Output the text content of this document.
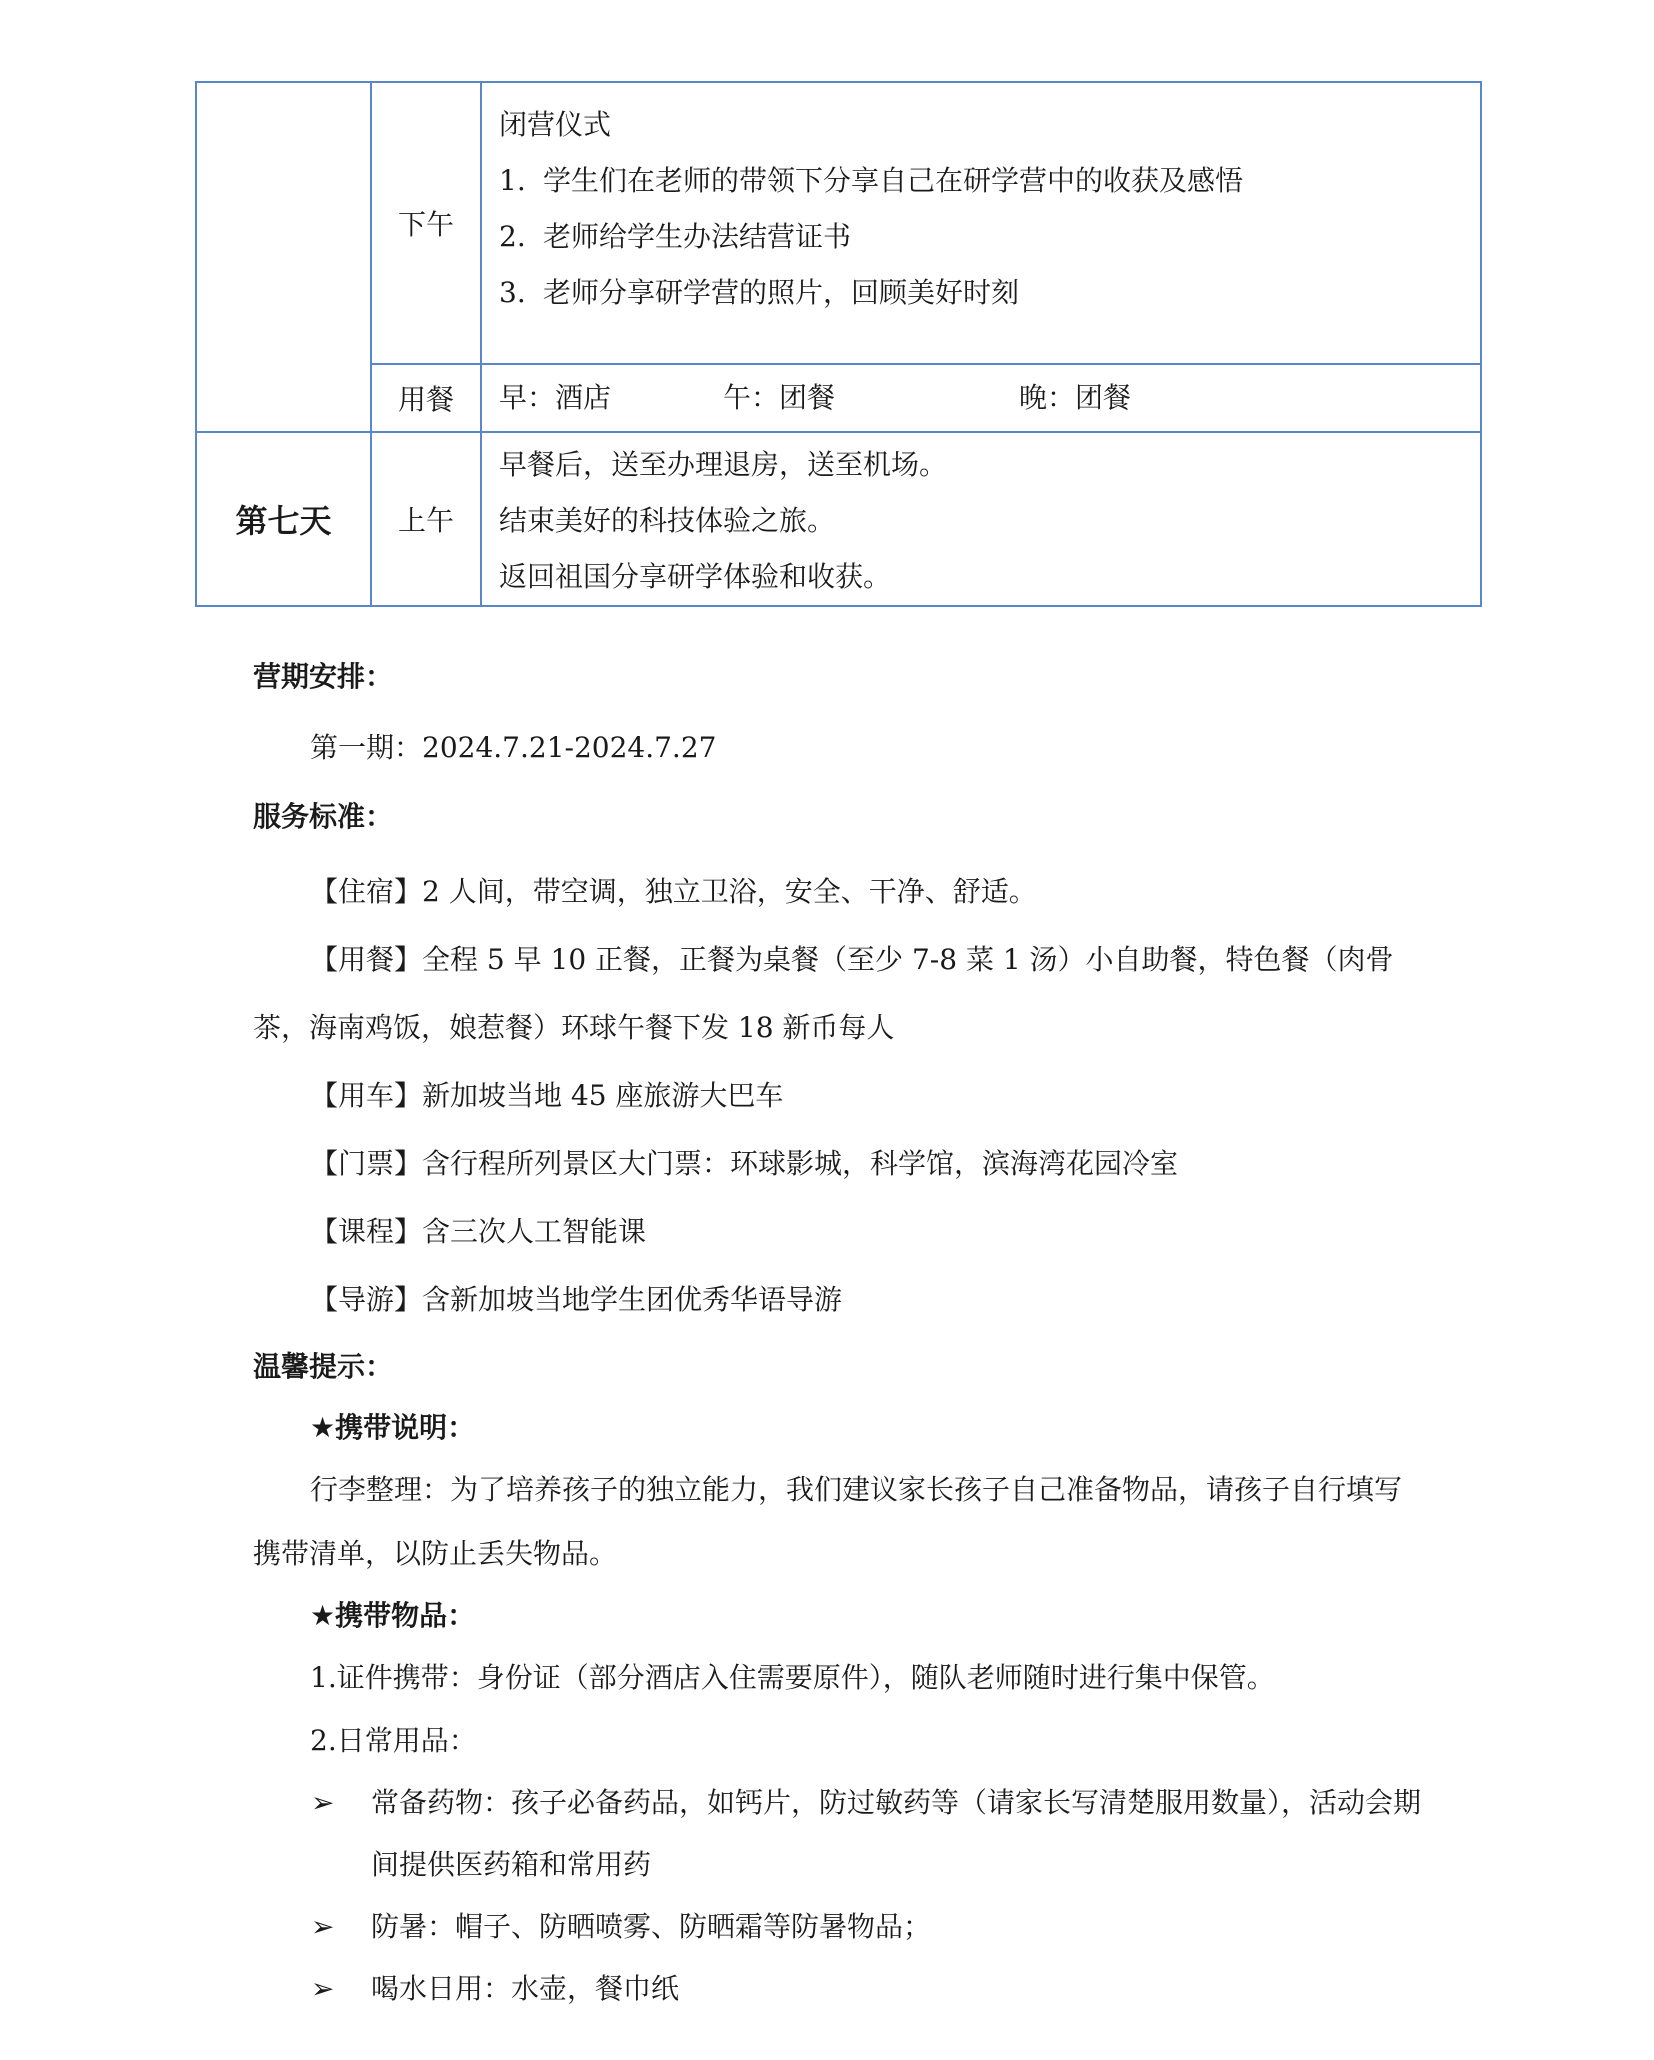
	下午	闭营仪式
1. 学生们在老师的带领下分享自己在研学营中的收获及感悟
2. 老师给学生办法结营证书
3. 老师分享研学营的照片，回顾美好时刻

	用餐	早：酒店 午：团餐 晚：团餐

第七天	上午	早餐后，送至办理退房，送至机场。
结束美好的科技体验之旅。
返回祖国分享研学体验和收获。
营期安排：
第一期：2024.7.21-2024.7.27
服务标准：
【住宿】2 人间，带空调，独立卫浴，安全、干净、舒适。
【用餐】全程 5 早 10 正餐，正餐为桌餐（至少 7-8 菜 1 汤）小自助餐，特色餐（肉骨茶，海南鸡饭，娘惹餐）环球午餐下发 18 新币每人
【用车】新加坡当地 45 座旅游大巴车
【门票】含行程所列景区大门票：环球影城，科学馆，滨海湾花园冷室
【课程】含三次人工智能课
【导游】含新加坡当地学生团优秀华语导游
温馨提示：
★携带说明：
行李整理：为了培养孩子的独立能力，我们建议家长孩子自己准备物品，请孩子自行填写携带清单，以防止丢失物品。
★携带物品：
1.证件携带：身份证（部分酒店入住需要原件），随队老师随时进行集中保管。
2.日常用品：
➢ 常备药物：孩子必备药品，如钙片，防过敏药等（请家长写清楚服用数量），活动会期间提供医药箱和常用药
➢ 防暑：帽子、防晒喷雾、防晒霜等防暑物品；
➢ 喝水日用：水壶，餐巾纸
